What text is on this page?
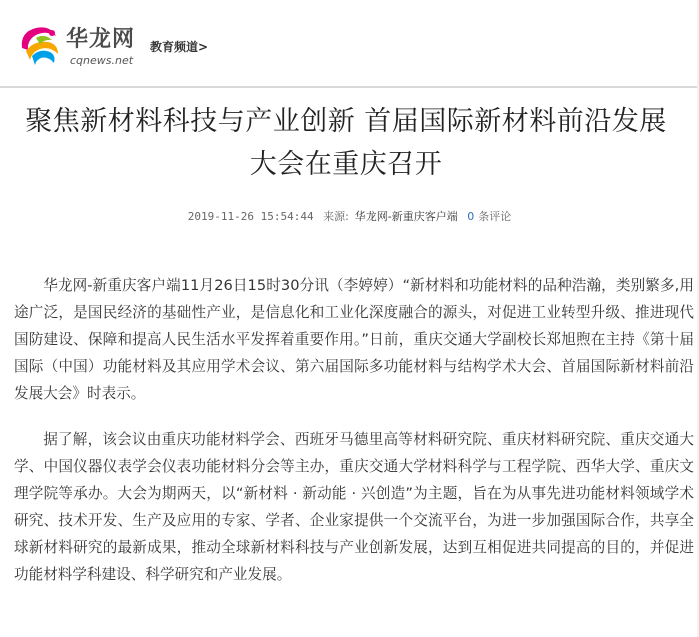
华龙网
cqnews.net
教育频道>
聚焦新材料科技与产业创新 首届国际新材料前沿发展大会在重庆召开
2019-11-26 15:54:44 来源: 华龙网-新重庆客户端 0 条评论

华龙网-新重庆客户端11月26日15时30分讯（李婷婷）“新材料和功能材料的品种浩瀚，类别繁多,用途广泛，是国民经济的基础性产业，是信息化和工业化深度融合的源头，对促进工业转型升级、推进现代国防建设、保障和提高人民生活水平发挥着重要作用。”日前，重庆交通大学副校长郑旭煦在主持《第十届国际（中国）功能材料及其应用学术会议、第六届国际多功能材料与结构学术大会、首届国际新材料前沿发展大会》时表示。

据了解，该会议由重庆功能材料学会、西班牙马德里高等材料研究院、重庆材料研究院、重庆交通大学、中国仪器仪表学会仪表功能材料分会等主办，重庆交通大学材料科学与工程学院、西华大学、重庆文理学院等承办。大会为期两天，以“新材料 · 新动能 · 兴创造”为主题，旨在为从事先进功能材料领域学术研究、技术开发、生产及应用的专家、学者、企业家提供一个交流平台，为进一步加强国际合作，共享全球新材料研究的最新成果，推动全球新材料科技与产业创新发展，达到互相促进共同提高的目的，并促进功能材料学科建设、科学研究和产业发展。
